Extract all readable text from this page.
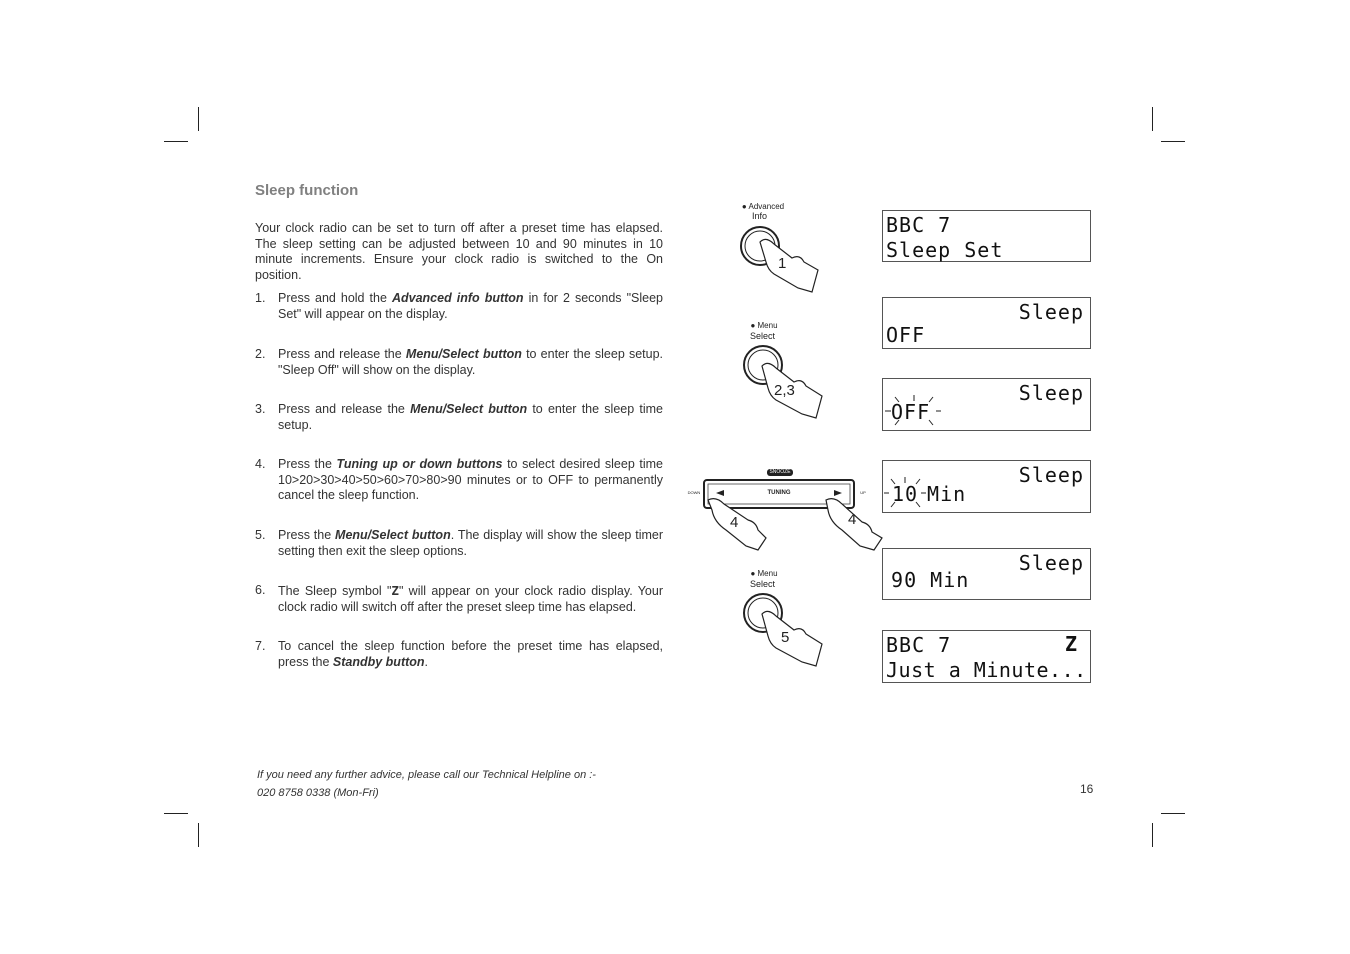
Sleep function

Your clock radio can be set to turn off after a preset time has elapsed. The sleep setting can be adjusted between 10 and 90 minutes in 10 minute increments. Ensure your clock radio is switched to the On position.

1. Press and hold the Advanced info button in for 2 seconds "Sleep Set" will appear on the display.
2. Press and release the Menu/Select button to enter the sleep setup. "Sleep Off" will show on the display.
3. Press and release the Menu/Select button to enter the sleep time setup.
4. Press the Tuning up or down buttons to select desired sleep time 10>20>30>40>50>60>70>80>90 minutes or to OFF to permanently cancel the sleep function.
5. Press the Menu/Select button. The display will show the sleep timer setting then exit the sleep options.
6. The Sleep symbol "Z" will appear on your clock radio display. Your clock radio will switch off after the preset sleep time has elapsed.
7. To cancel the sleep function before the preset time has elapsed, press the Standby button.
If you need any further advice, please call our Technical Helpline on :-
020 8758 0338 (Mon-Fri)	16
● Advanced
Info
1
● Menu
Select
2,3
SNOOZE
TUNING
DOWN	UP
4	4
● Menu
Select
5
BBC 7
Sleep Set
Sleep
OFF
Sleep
OFF
Sleep
10
Min
Sleep
90 Min
BBC 7	Z
Just a Minute...
